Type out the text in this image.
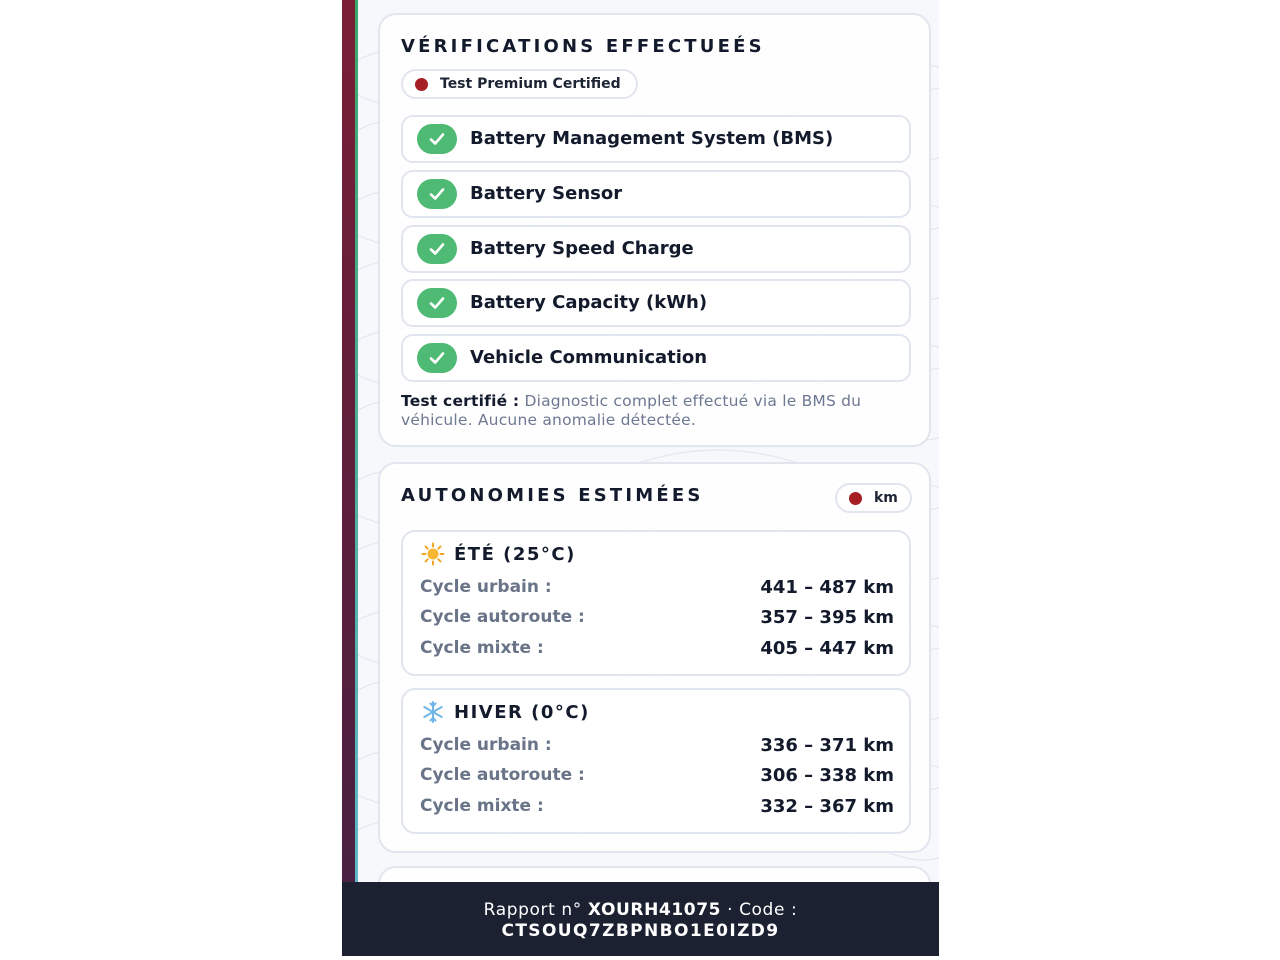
VÉRIFICATIONS EFFECTUEÉS
Test Premium Certified
Battery Management System (BMS)
Battery Sensor
Battery Speed Charge
Battery Capacity (kWh)
Vehicle Communication
Test certifié : Diagnostic complet effectué via le BMS du véhicule. Aucune anomalie détectée.
AUTONOMIES ESTIMÉES	km
ÉTÉ (25°C)
Cycle urbain :	441 – 487 km
Cycle autoroute :	357 – 395 km
Cycle mixte :	405 – 447 km
HIVER (0°C)
Cycle urbain :	336 – 371 km
Cycle autoroute :	306 – 338 km
Cycle mixte :	332 – 367 km
Rapport n° XOURH41075 · Code :
CTSOUQ7ZBPNBO1E0IZD9
